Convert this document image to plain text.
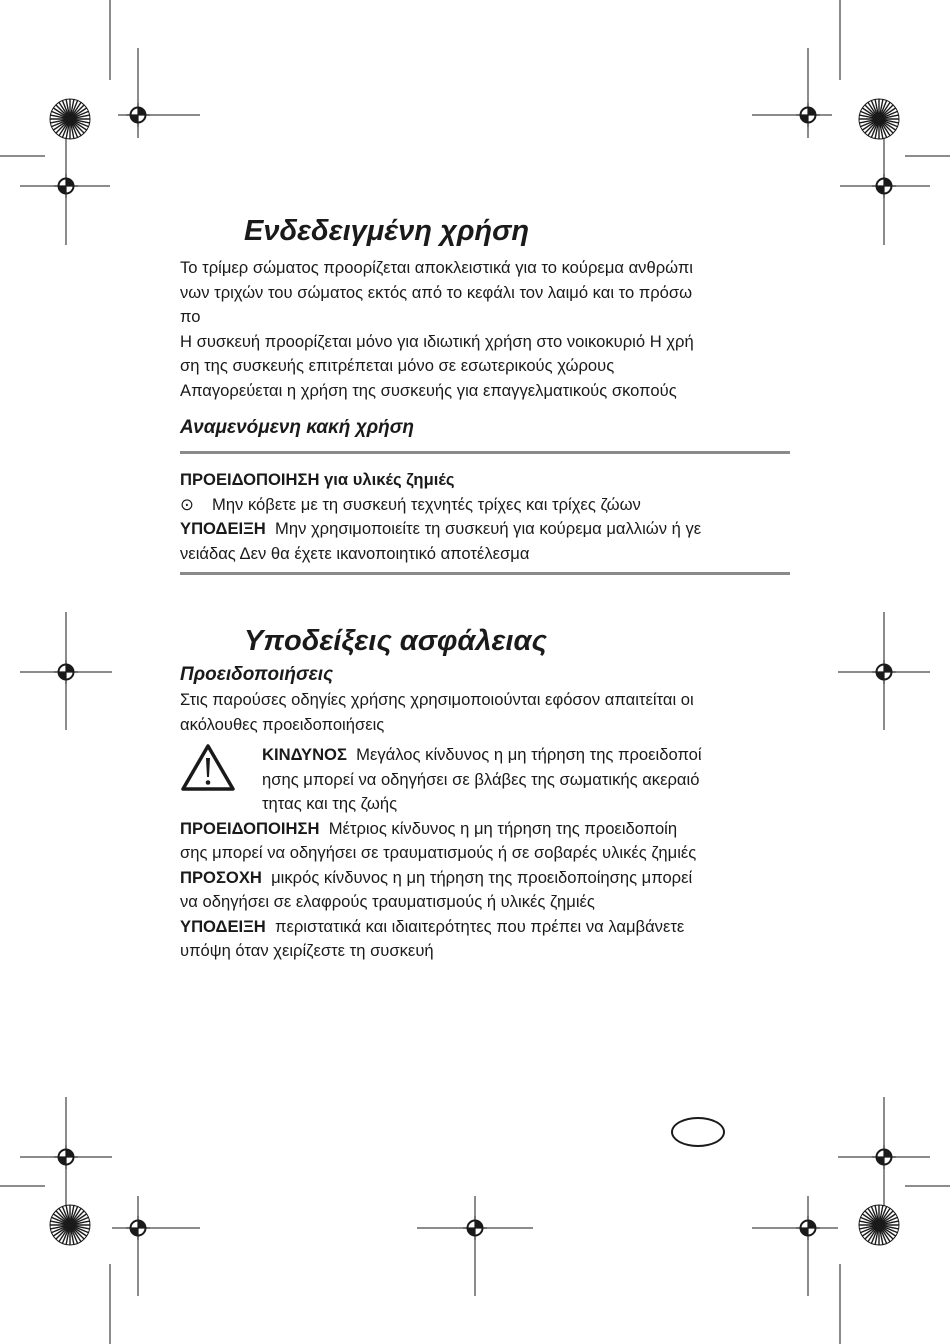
Ενδεδειγμένη χρήση

Το τρίμερ σώματος προορίζεται αποκλειστικά για το κούρεμα ανθρώπι

νων τριχών του σώματος εκτός από το κεφάλι τον λαιμό και το πρόσω

πο

Η συσκευή προορίζεται μόνο για ιδιωτική χρήση στο νοικοκυριό Η χρή

ση της συσκευής επιτρέπεται μόνο σε εσωτερικούς χώρους

Απαγορεύεται η χρήση της συσκευής για επαγγελματικούς σκοπούς

Αναμενόμενη κακή χρήση

ΠΡΟΕΙΔΟΠΟΙΗΣΗ για υλικές ζημιές

⊙ Μην κόβετε με τη συσκευή τεχνητές τρίχες και τρίχες ζώων

ΥΠΟΔΕΙΞΗ Μην χρησιμοποιείτε τη συσκευή για κούρεμα μαλλιών ή γε

νειάδας Δεν θα έχετε ικανοποιητικό αποτέλεσμα

Υποδείξεις ασφάλειας
Προειδοποιήσεις

Στις παρούσες οδηγίες χρήσης χρησιμοποιούνται εφόσον απαιτείται οι

ακόλουθες προειδοποιήσεις

ΚΙΝΔΥΝΟΣ Μεγάλος κίνδυνος η μη τήρηση της προειδοποί

ησης μπορεί να οδηγήσει σε βλάβες της σωματικής ακεραιό

τητας και της ζωής

ΠΡΟΕΙΔΟΠΟΙΗΣΗ Μέτριος κίνδυνος η μη τήρηση της προειδοποίη

σης μπορεί να οδηγήσει σε τραυματισμούς ή σε σοβαρές υλικές ζημιές

ΠΡΟΣΟΧΗ μικρός κίνδυνος η μη τήρηση της προειδοποίησης μπορεί

να οδηγήσει σε ελαφρούς τραυματισμούς ή υλικές ζημιές

ΥΠΟΔΕΙΞΗ περιστατικά και ιδιαιτερότητες που πρέπει να λαμβάνετε

υπόψη όταν χειρίζεστε τη συσκευή
